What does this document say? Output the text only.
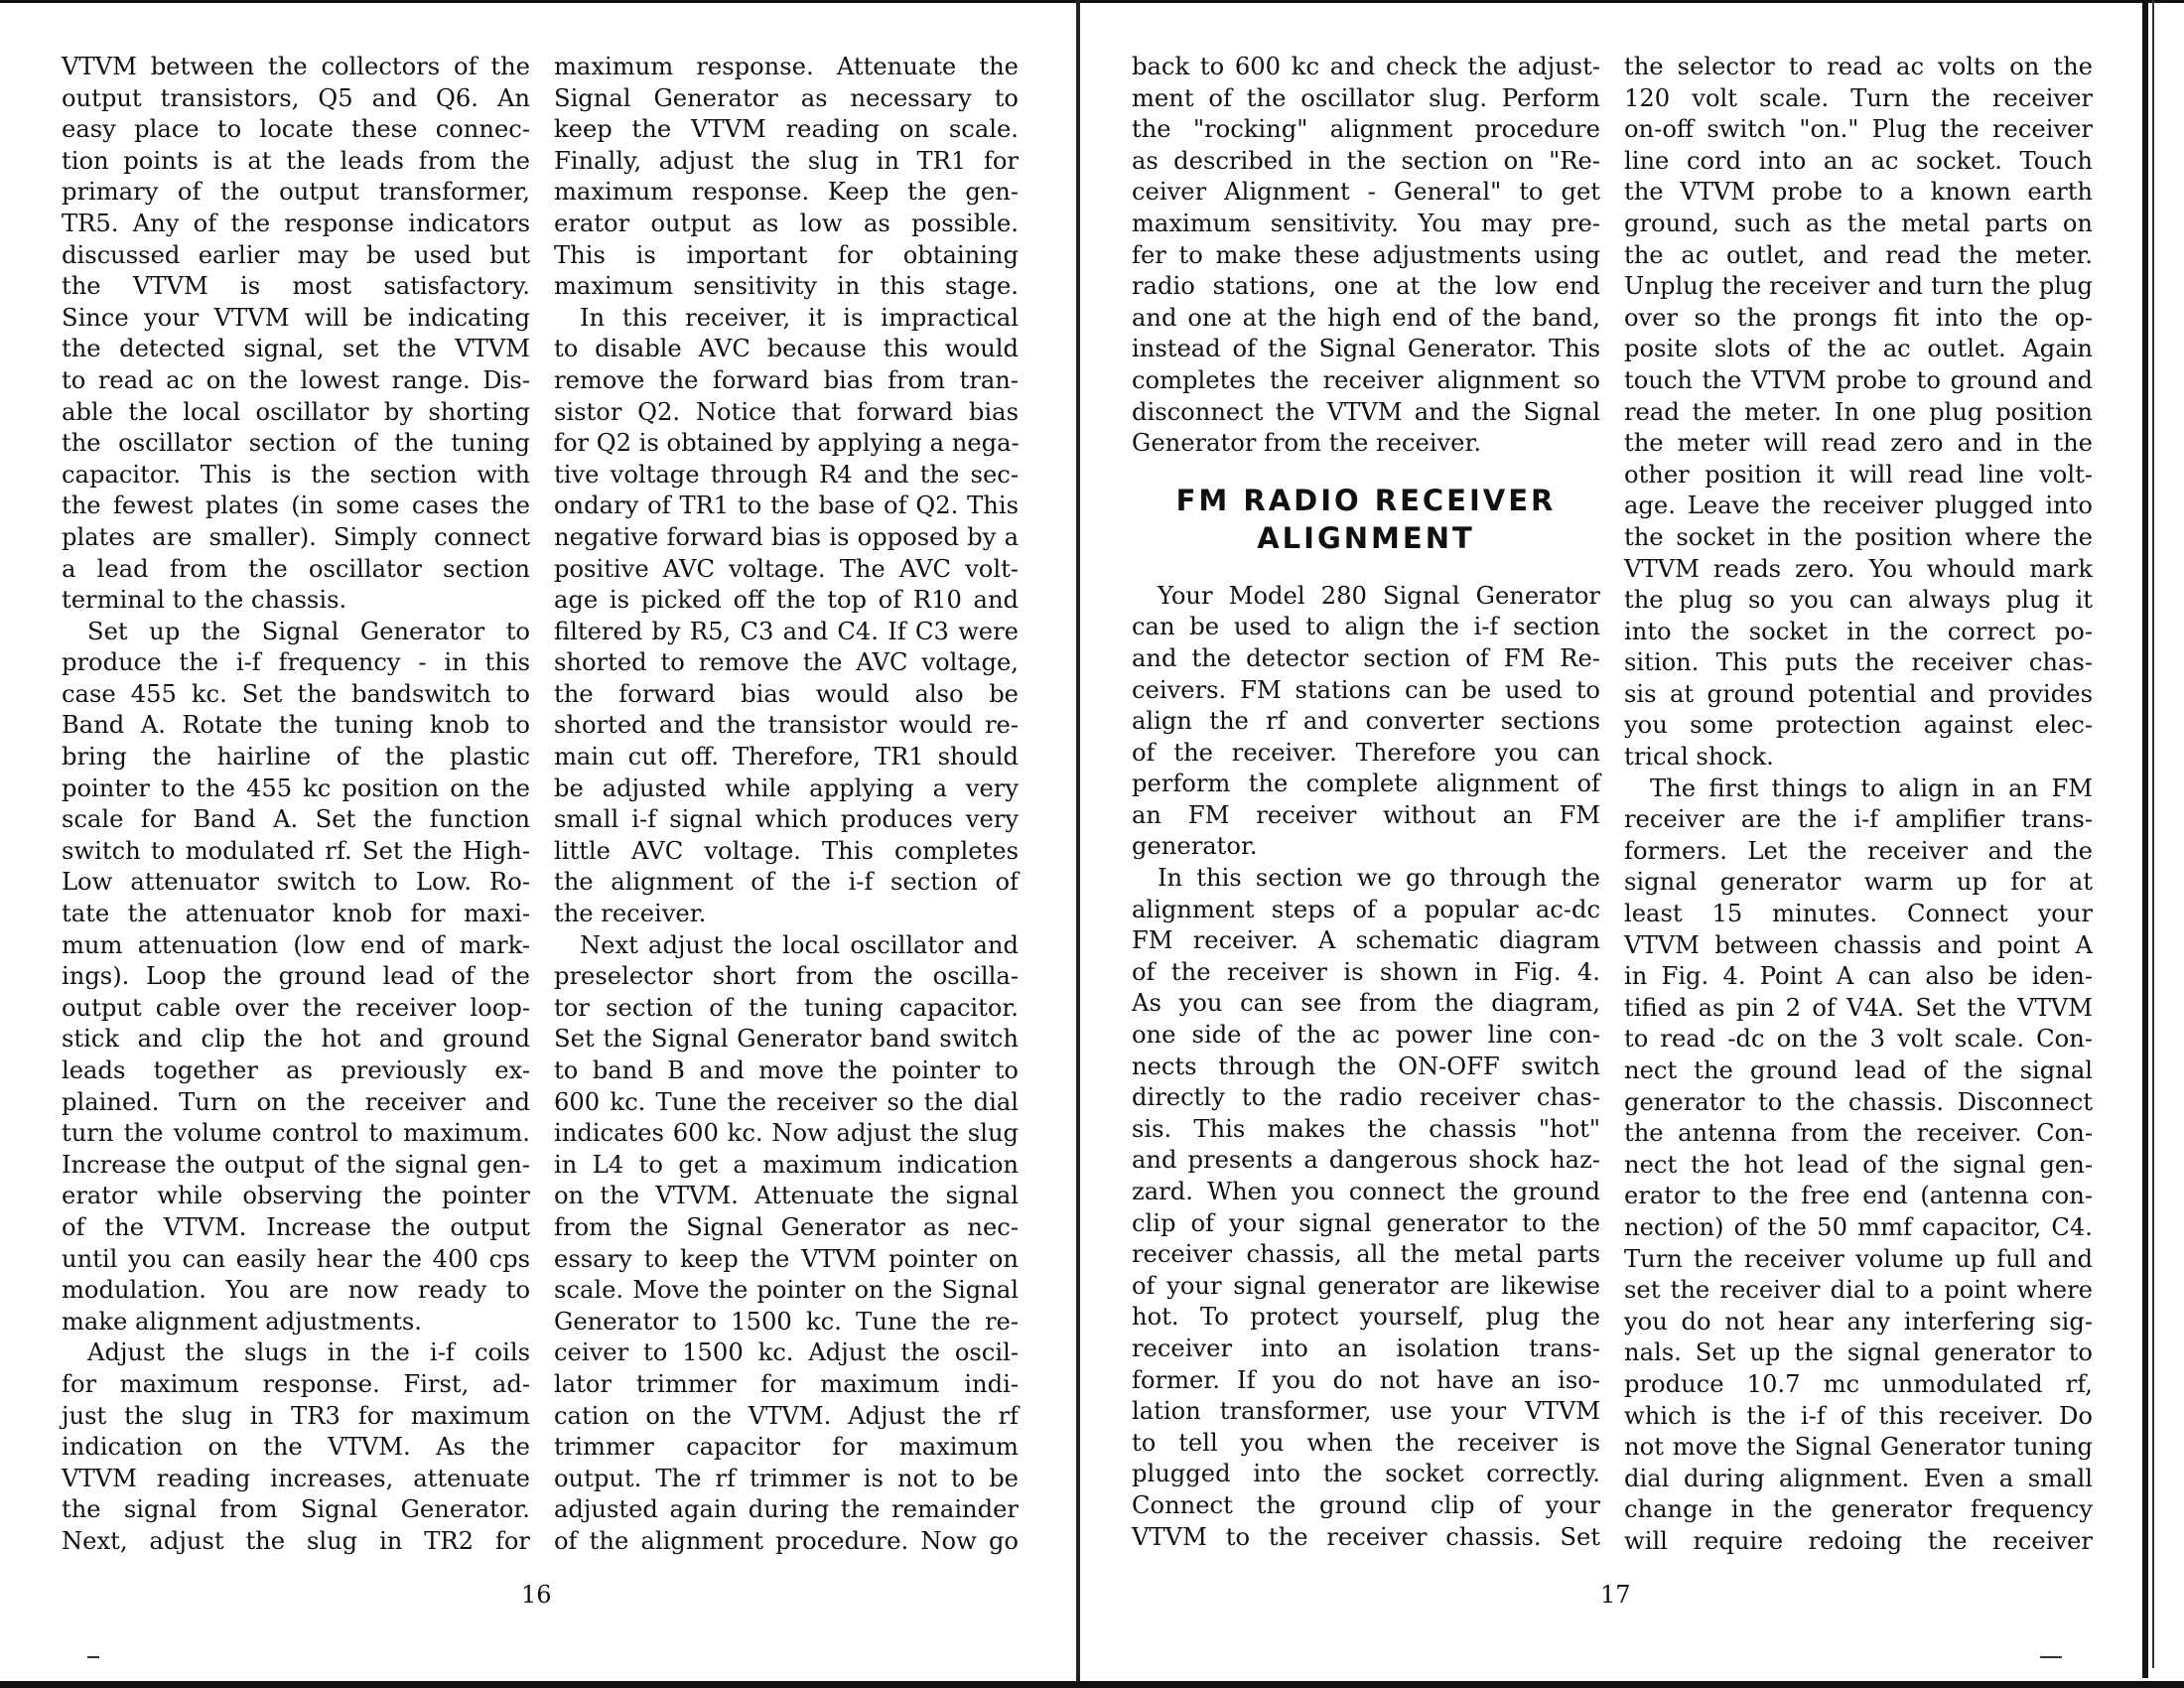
VTVM between the collectors of the
output transistors, Q5 and Q6. An
easy place to locate these connec-
tion points is at the leads from the
primary of the output transformer,
TR5. Any of the response indicators
discussed earlier may be used but
the VTVM is most satisfactory.
Since your VTVM will be indicating
the detected signal, set the VTVM
to read ac on the lowest range. Dis-
able the local oscillator by shorting
the oscillator section of the tuning
capacitor. This is the section with
the fewest plates (in some cases the
plates are smaller). Simply connect
a lead from the oscillator section
terminal to the chassis.
Set up the Signal Generator to
produce the i-f frequency - in this
case 455 kc. Set the bandswitch to
Band A. Rotate the tuning knob to
bring the hairline of the plastic
pointer to the 455 kc position on the
scale for Band A. Set the function
switch to modulated rf. Set the High-
Low attenuator switch to Low. Ro-
tate the attenuator knob for maxi-
mum attenuation (low end of mark-
ings). Loop the ground lead of the
output cable over the receiver loop-
stick and clip the hot and ground
leads together as previously ex-
plained. Turn on the receiver and
turn the volume control to maximum.
Increase the output of the signal gen-
erator while observing the pointer
of the VTVM. Increase the output
until you can easily hear the 400 cps
modulation. You are now ready to
make alignment adjustments.
Adjust the slugs in the i-f coils
for maximum response. First, ad-
just the slug in TR3 for maximum
indication on the VTVM. As the
VTVM reading increases, attenuate
the signal from Signal Generator.
Next, adjust the slug in TR2 for
maximum response. Attenuate the
Signal Generator as necessary to
keep the VTVM reading on scale.
Finally, adjust the slug in TR1 for
maximum response. Keep the gen-
erator output as low as possible.
This is important for obtaining
maximum sensitivity in this stage.
In this receiver, it is impractical
to disable AVC because this would
remove the forward bias from tran-
sistor Q2. Notice that forward bias
for Q2 is obtained by applying a nega-
tive voltage through R4 and the sec-
ondary of TR1 to the base of Q2. This
negative forward bias is opposed by a
positive AVC voltage. The AVC volt-
age is picked off the top of R10 and
filtered by R5, C3 and C4. If C3 were
shorted to remove the AVC voltage,
the forward bias would also be
shorted and the transistor would re-
main cut off. Therefore, TR1 should
be adjusted while applying a very
small i-f signal which produces very
little AVC voltage. This completes
the alignment of the i-f section of
the receiver.
Next adjust the local oscillator and
preselector short from the oscilla-
tor section of the tuning capacitor.
Set the Signal Generator band switch
to band B and move the pointer to
600 kc. Tune the receiver so the dial
indicates 600 kc. Now adjust the slug
in L4 to get a maximum indication
on the VTVM. Attenuate the signal
from the Signal Generator as nec-
essary to keep the VTVM pointer on
scale. Move the pointer on the Signal
Generator to 1500 kc. Tune the re-
ceiver to 1500 kc. Adjust the oscil-
lator trimmer for maximum indi-
cation on the VTVM. Adjust the rf
trimmer capacitor for maximum
output. The rf trimmer is not to be
adjusted again during the remainder
of the alignment procedure. Now go
back to 600 kc and check the adjust-
ment of the oscillator slug. Perform
the "rocking" alignment procedure
as described in the section on "Re-
ceiver Alignment - General" to get
maximum sensitivity. You may pre-
fer to make these adjustments using
radio stations, one at the low end
and one at the high end of the band,
instead of the Signal Generator. This
completes the receiver alignment so
disconnect the VTVM and the Signal
Generator from the receiver.
FM RADIO RECEIVER
ALIGNMENT
Your Model 280 Signal Generator
can be used to align the i-f section
and the detector section of FM Re-
ceivers. FM stations can be used to
align the rf and converter sections
of the receiver. Therefore you can
perform the complete alignment of
an FM receiver without an FM
generator.
In this section we go through the
alignment steps of a popular ac-dc
FM receiver. A schematic diagram
of the receiver is shown in Fig. 4.
As you can see from the diagram,
one side of the ac power line con-
nects through the ON-OFF switch
directly to the radio receiver chas-
sis. This makes the chassis "hot"
and presents a dangerous shock haz-
zard. When you connect the ground
clip of your signal generator to the
receiver chassis, all the metal parts
of your signal generator are likewise
hot. To protect yourself, plug the
receiver into an isolation trans-
former. If you do not have an iso-
lation transformer, use your VTVM
to tell you when the receiver is
plugged into the socket correctly.
Connect the ground clip of your
VTVM to the receiver chassis. Set
the selector to read ac volts on the
120 volt scale. Turn the receiver
on-off switch "on." Plug the receiver
line cord into an ac socket. Touch
the VTVM probe to a known earth
ground, such as the metal parts on
the ac outlet, and read the meter.
Unplug the receiver and turn the plug
over so the prongs fit into the op-
posite slots of the ac outlet. Again
touch the VTVM probe to ground and
read the meter. In one plug position
the meter will read zero and in the
other position it will read line volt-
age. Leave the receiver plugged into
the socket in the position where the
VTVM reads zero. You whould mark
the plug so you can always plug it
into the socket in the correct po-
sition. This puts the receiver chas-
sis at ground potential and provides
you some protection against elec-
trical shock.
The first things to align in an FM
receiver are the i-f amplifier trans-
formers. Let the receiver and the
signal generator warm up for at
least 15 minutes. Connect your
VTVM between chassis and point A
in Fig. 4. Point A can also be iden-
tified as pin 2 of V4A. Set the VTVM
to read -dc on the 3 volt scale. Con-
nect the ground lead of the signal
generator to the chassis. Disconnect
the antenna from the receiver. Con-
nect the hot lead of the signal gen-
erator to the free end (antenna con-
nection) of the 50 mmf capacitor, C4.
Turn the receiver volume up full and
set the receiver dial to a point where
you do not hear any interfering sig-
nals. Set up the signal generator to
produce 10.7 mc unmodulated rf,
which is the i-f of this receiver. Do
not move the Signal Generator tuning
dial during alignment. Even a small
change in the generator frequency
will require redoing the receiver
16	17
